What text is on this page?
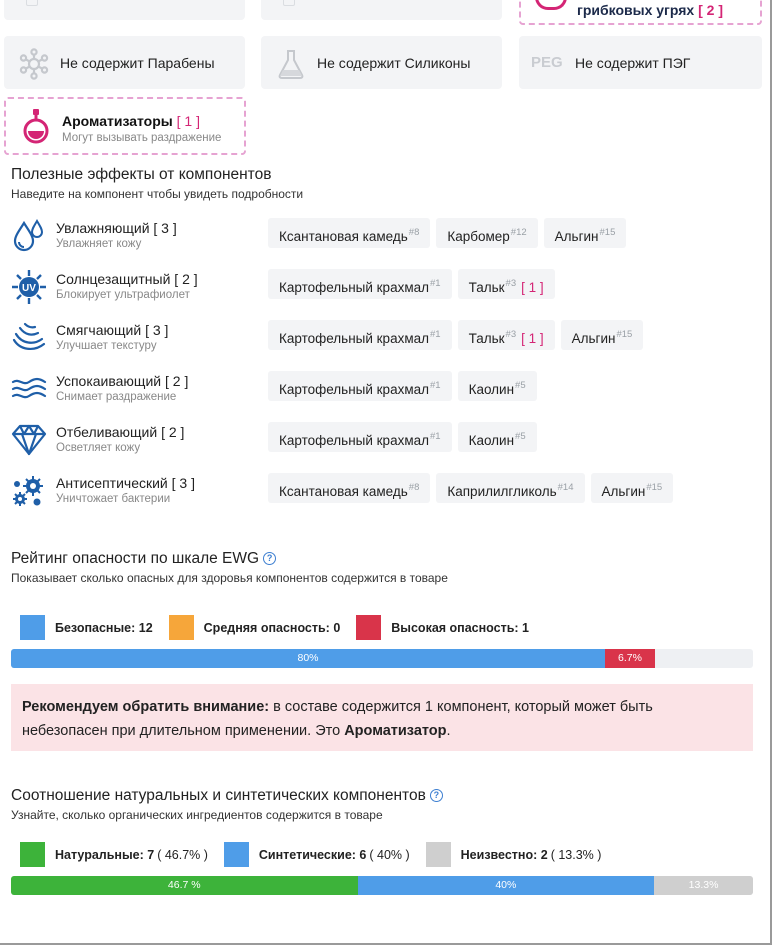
грибковых угрях [ 2 ]
Не содержит Парабены	Не содержит Силиконы	PEG Не содержит ПЭГ
Ароматизаторы [ 1 ]
Могут вызывать раздражение
Полезные эффекты от компонентов
Наведите на компонент чтобы увидеть подробности
Увлажняющий [ 3 ]
Увлажняет кожу	Ксантановая камедь$^{\#8}$	Карбомер$^{\#12}$	Альгин$^{\#15}$
UV
Солнцезащитный [ 2 ]
Блокирует ультрафиолет	Картофельный крахмал$^{\#1}$	Тальк$^{\#3}$ [ 1 ]
Смягчающий [ 3 ]
Улучшает текстуру	Картофельный крахмал$^{\#1}$	Тальк$^{\#3}$ [ 1 ]	Альгин$^{\#15}$
Успокаивающий [ 2 ]
Снимает раздражение	Картофельный крахмал$^{\#1}$	Каолин$^{\#5}$
Отбеливающий [ 2 ]
Осветляет кожу	Картофельный крахмал$^{\#1}$	Каолин$^{\#5}$
Антисептический [ 3 ]
Уничтожает бактерии	Ксантановая камедь$^{\#8}$	Каприлилгликоль$^{\#14}$	Альгин$^{\#15}$
Рейтинг опасности по шкале EWG ?
Показывает сколько опасных для здоровья компонентов содержится в товаре
Безопасные: 12	Средняя опасность: 0	Высокая опасность: 1
80%	6.7%
Рекомендуем обратить внимание: в составе содержится 1 компонент, который может быть небезопасен при длительном применении. Это Ароматизатор.
Соотношение натуральных и синтетических компонентов ?
Узнайте, сколько органических ингредиентов содержится в товаре
Натуральные: 7 ( 46.7% )	Синтетические: 6 ( 40% )	Неизвестно: 2 ( 13.3% )
46.7 %	40%	13.3%
